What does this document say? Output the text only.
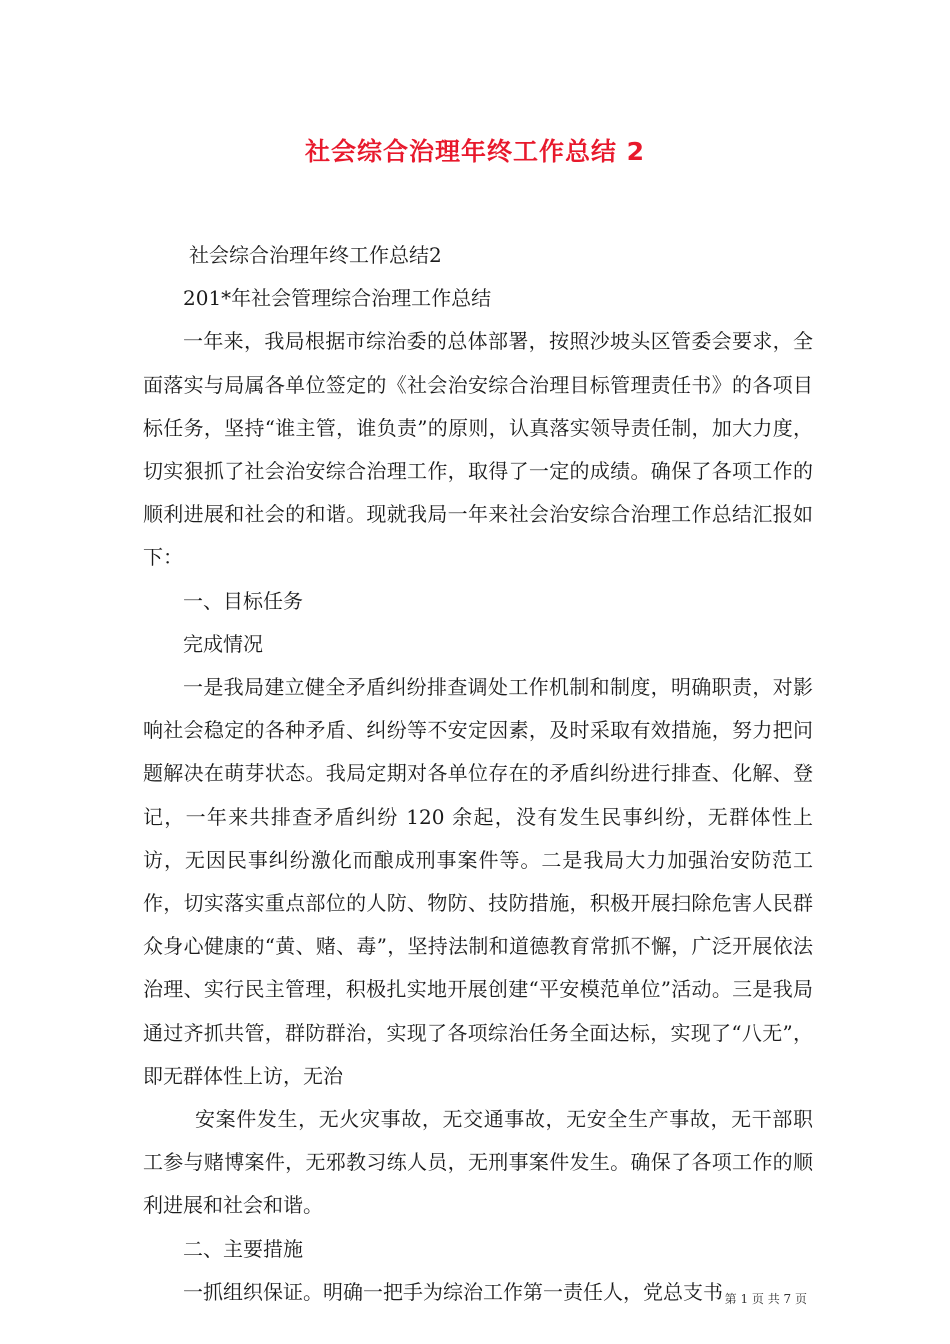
社会综合治理年终工作总结 2

社会综合治理年终工作总结2

201*年社会管理综合治理工作总结

一年来，我局根据市综治委的总体部署，按照沙坡头区管委会要求，全面落实与局属各单位签定的《社会治安综合治理目标管理责任书》的各项目标任务，坚持“谁主管，谁负责”的原则，认真落实领导责任制，加大力度，切实狠抓了社会治安综合治理工作，取得了一定的成绩。确保了各项工作的顺利进展和社会的和谐。现就我局一年来社会治安综合治理工作总结汇报如下：

一、目标任务

完成情况

一是我局建立健全矛盾纠纷排查调处工作机制和制度，明确职责，对影响社会稳定的各种矛盾、纠纷等不安定因素，及时采取有效措施，努力把问题解决在萌芽状态。我局定期对各单位存在的矛盾纠纷进行排查、化解、登记，一年来共排查矛盾纠纷 120 余起，没有发生民事纠纷，无群体性上访，无因民事纠纷激化而酿成刑事案件等。二是我局大力加强治安防范工作，切实落实重点部位的人防、物防、技防措施，积极开展扫除危害人民群众身心健康的“黄、赌、毒”，坚持法制和道德教育常抓不懈，广泛开展依法治理、实行民主管理，积极扎实地开展创建“平安模范单位”活动。三是我局通过齐抓共管，群防群治，实现了各项综治任务全面达标，实现了“八无”，即无群体性上访，无治

安案件发生，无火灾事故，无交通事故，无安全生产事故，无干部职工参与赌博案件，无邪教习练人员，无刑事案件发生。确保了各项工作的顺利进展和社会和谐。

二、主要措施

一抓组织保证。明确一把手为综治工作第一责任人，党总支书 第 1 页 共 7 页
